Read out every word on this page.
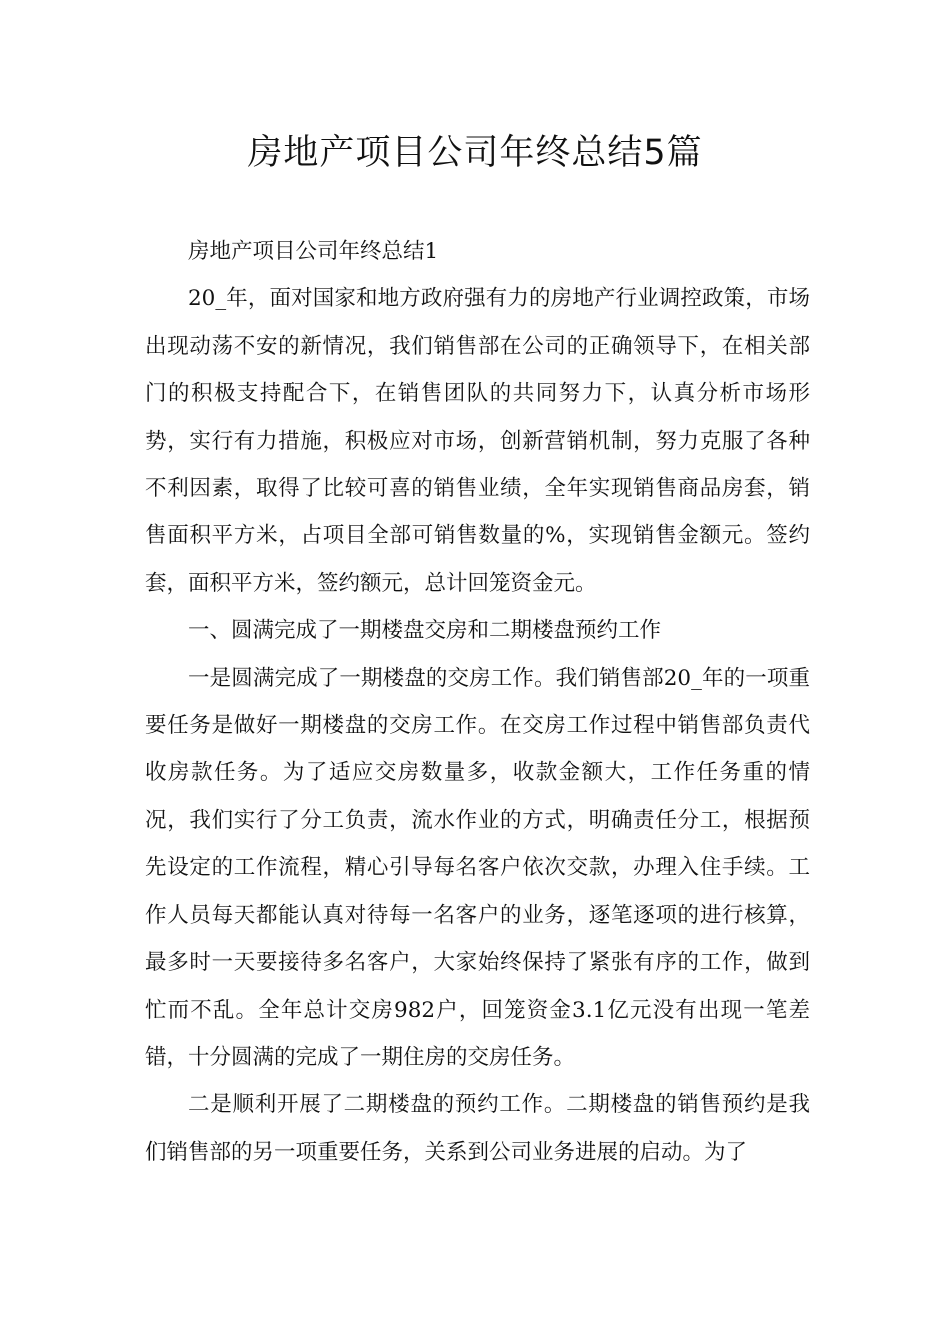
房地产项目公司年终总结5篇

房地产项目公司年终总结1

20_年，面对国家和地方政府强有力的房地产行业调控政策，市场出现动荡不安的新情况，我们销售部在公司的正确领导下，在相关部门的积极支持配合下，在销售团队的共同努力下，认真分析市场形势，实行有力措施，积极应对市场，创新营销机制，努力克服了各种不利因素，取得了比较可喜的销售业绩，全年实现销售商品房套，销售面积平方米，占项目全部可销售数量的%，实现销售金额元。签约套，面积平方米，签约额元，总计回笼资金元。

一、圆满完成了一期楼盘交房和二期楼盘预约工作

一是圆满完成了一期楼盘的交房工作。我们销售部20_年的一项重要任务是做好一期楼盘的交房工作。在交房工作过程中销售部负责代收房款任务。为了适应交房数量多，收款金额大，工作任务重的情况，我们实行了分工负责，流水作业的方式，明确责任分工，根据预先设定的工作流程，精心引导每名客户依次交款，办理入住手续。工作人员每天都能认真对待每一名客户的业务，逐笔逐项的进行核算，最多时一天要接待多名客户，大家始终保持了紧张有序的工作，做到忙而不乱。全年总计交房982户，回笼资金3.1亿元没有出现一笔差错，十分圆满的完成了一期住房的交房任务。

二是顺利开展了二期楼盘的预约工作。二期楼盘的销售预约是我们销售部的另一项重要任务，关系到公司业务进展的启动。为了
